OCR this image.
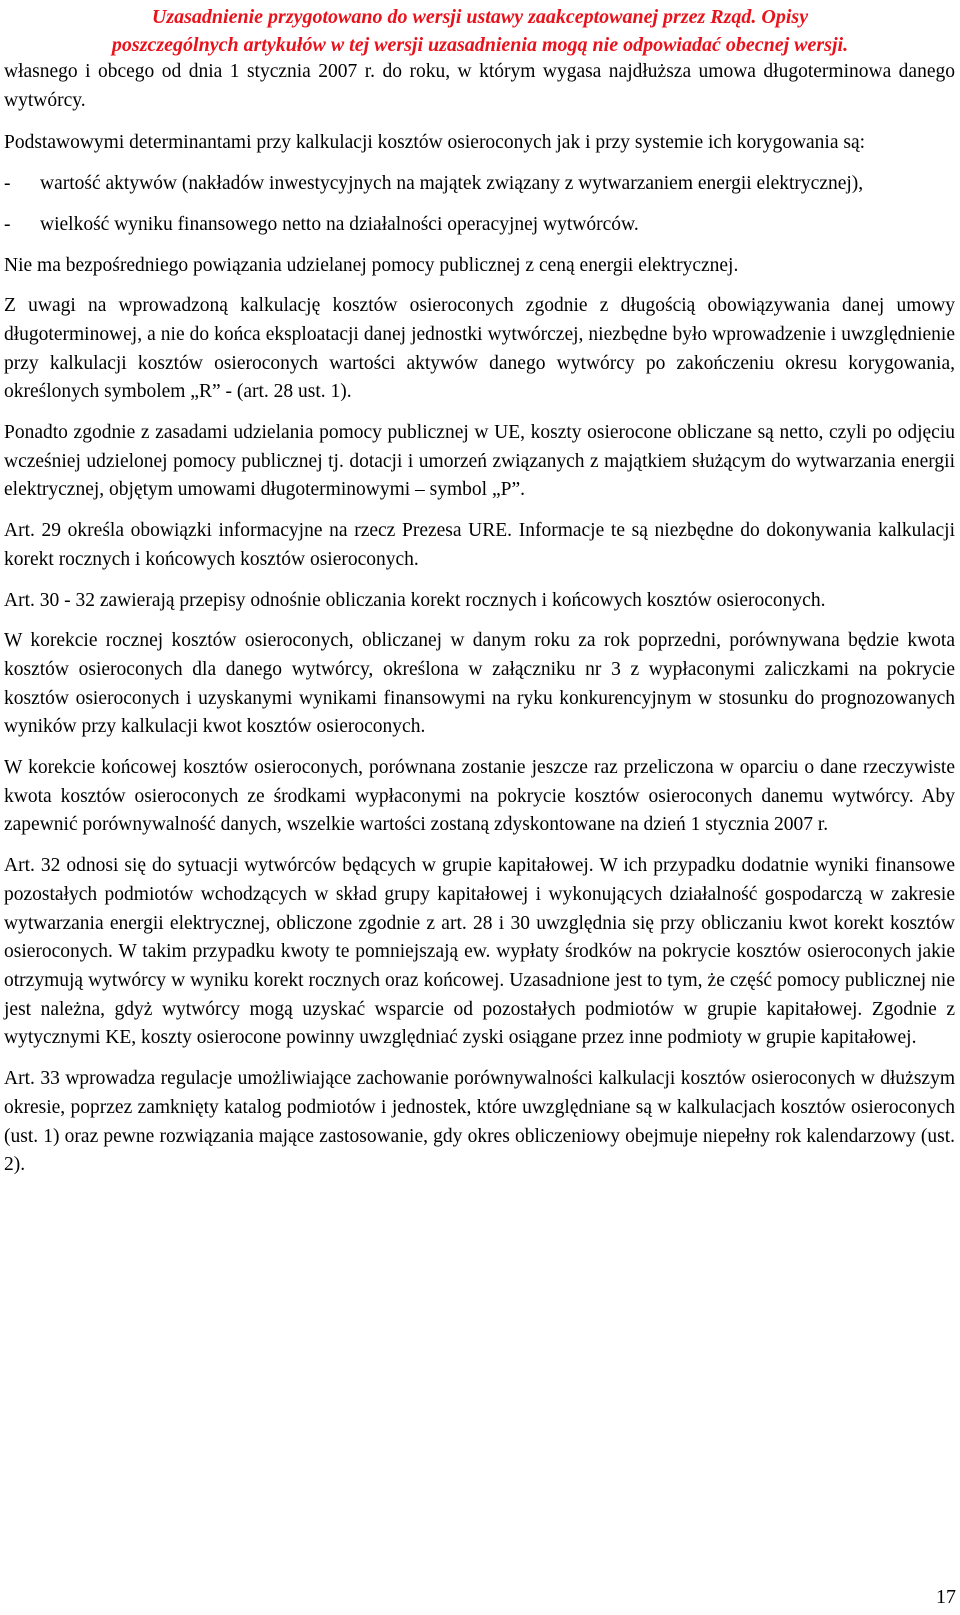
Uzasadnienie przygotowano do wersji ustawy zaakceptowanej przez Rząd. Opisy
poszczególnych artykułów w tej wersji uzasadnienia mogą nie odpowiadać obecnej wersji.

własnego i obcego od dnia 1 stycznia 2007 r. do roku, w którym wygasa najdłuższa umowa długoterminowa danego wytwórcy.

Podstawowymi determinantami przy kalkulacji kosztów osieroconych jak i przy systemie ich korygowania są:

-	wartość aktywów (nakładów inwestycyjnych na majątek związany z wytwarzaniem energii elektrycznej),
-	wielkość wyniku finansowego netto na działalności operacyjnej wytwórców.

Nie ma bezpośredniego powiązania udzielanej pomocy publicznej z ceną energii elektrycznej.

Z uwagi na wprowadzoną kalkulację kosztów osieroconych zgodnie z długością obowiązywania danej umowy długoterminowej, a nie do końca eksploatacji danej jednostki wytwórczej, niezbędne było wprowadzenie i uwzględnienie przy kalkulacji kosztów osieroconych wartości aktywów danego wytwórcy po zakończeniu okresu korygowania, określonych symbolem „R” - (art. 28 ust. 1).

Ponadto zgodnie z zasadami udzielania pomocy publicznej w UE, koszty osierocone obliczane są netto, czyli po odjęciu wcześniej udzielonej pomocy publicznej tj. dotacji i umorzeń związanych z majątkiem służącym do wytwarzania energii elektrycznej, objętym umowami długoterminowymi – symbol „P”.

Art. 29 określa obowiązki informacyjne na rzecz Prezesa URE. Informacje te są niezbędne do dokonywania kalkulacji korekt rocznych i końcowych kosztów osieroconych.

Art. 30 - 32 zawierają przepisy odnośnie obliczania korekt rocznych i końcowych kosztów osieroconych.

W korekcie rocznej kosztów osieroconych, obliczanej w danym roku za rok poprzedni, porównywana będzie kwota kosztów osieroconych dla danego wytwórcy, określona w załączniku nr 3 z wypłaconymi zaliczkami na pokrycie kosztów osieroconych i uzyskanymi wynikami finansowymi na ryku konkurencyjnym w stosunku do prognozowanych wyników przy kalkulacji kwot kosztów osieroconych.

W korekcie końcowej kosztów osieroconych, porównana zostanie jeszcze raz przeliczona w oparciu o dane rzeczywiste kwota kosztów osieroconych ze środkami wypłaconymi na pokrycie kosztów osieroconych danemu wytwórcy. Aby zapewnić porównywalność danych, wszelkie wartości zostaną zdyskontowane na dzień 1 stycznia 2007 r.

Art. 32 odnosi się do sytuacji wytwórców będących w grupie kapitałowej. W ich przypadku dodatnie wyniki finansowe pozostałych podmiotów wchodzących w skład grupy kapitałowej i wykonujących działalność gospodarczą w zakresie wytwarzania energii elektrycznej, obliczone zgodnie z art. 28 i 30 uwzględnia się przy obliczaniu kwot korekt kosztów osieroconych. W takim przypadku kwoty te pomniejszają ew. wypłaty środków na pokrycie kosztów osieroconych jakie otrzymują wytwórcy w wyniku korekt rocznych oraz końcowej. Uzasadnione jest to tym, że część pomocy publicznej nie jest należna, gdyż wytwórcy mogą uzyskać wsparcie od pozostałych podmiotów w grupie kapitałowej. Zgodnie z wytycznymi KE, koszty osierocone powinny uwzględniać zyski osiągane przez inne podmioty w grupie kapitałowej.

Art. 33 wprowadza regulacje umożliwiające zachowanie porównywalności kalkulacji kosztów osieroconych w dłuższym okresie, poprzez zamknięty katalog podmiotów i jednostek, które uwzględniane są w kalkulacjach kosztów osieroconych (ust. 1) oraz pewne rozwiązania mające zastosowanie, gdy okres obliczeniowy obejmuje niepełny rok kalendarzowy (ust. 2).

17
